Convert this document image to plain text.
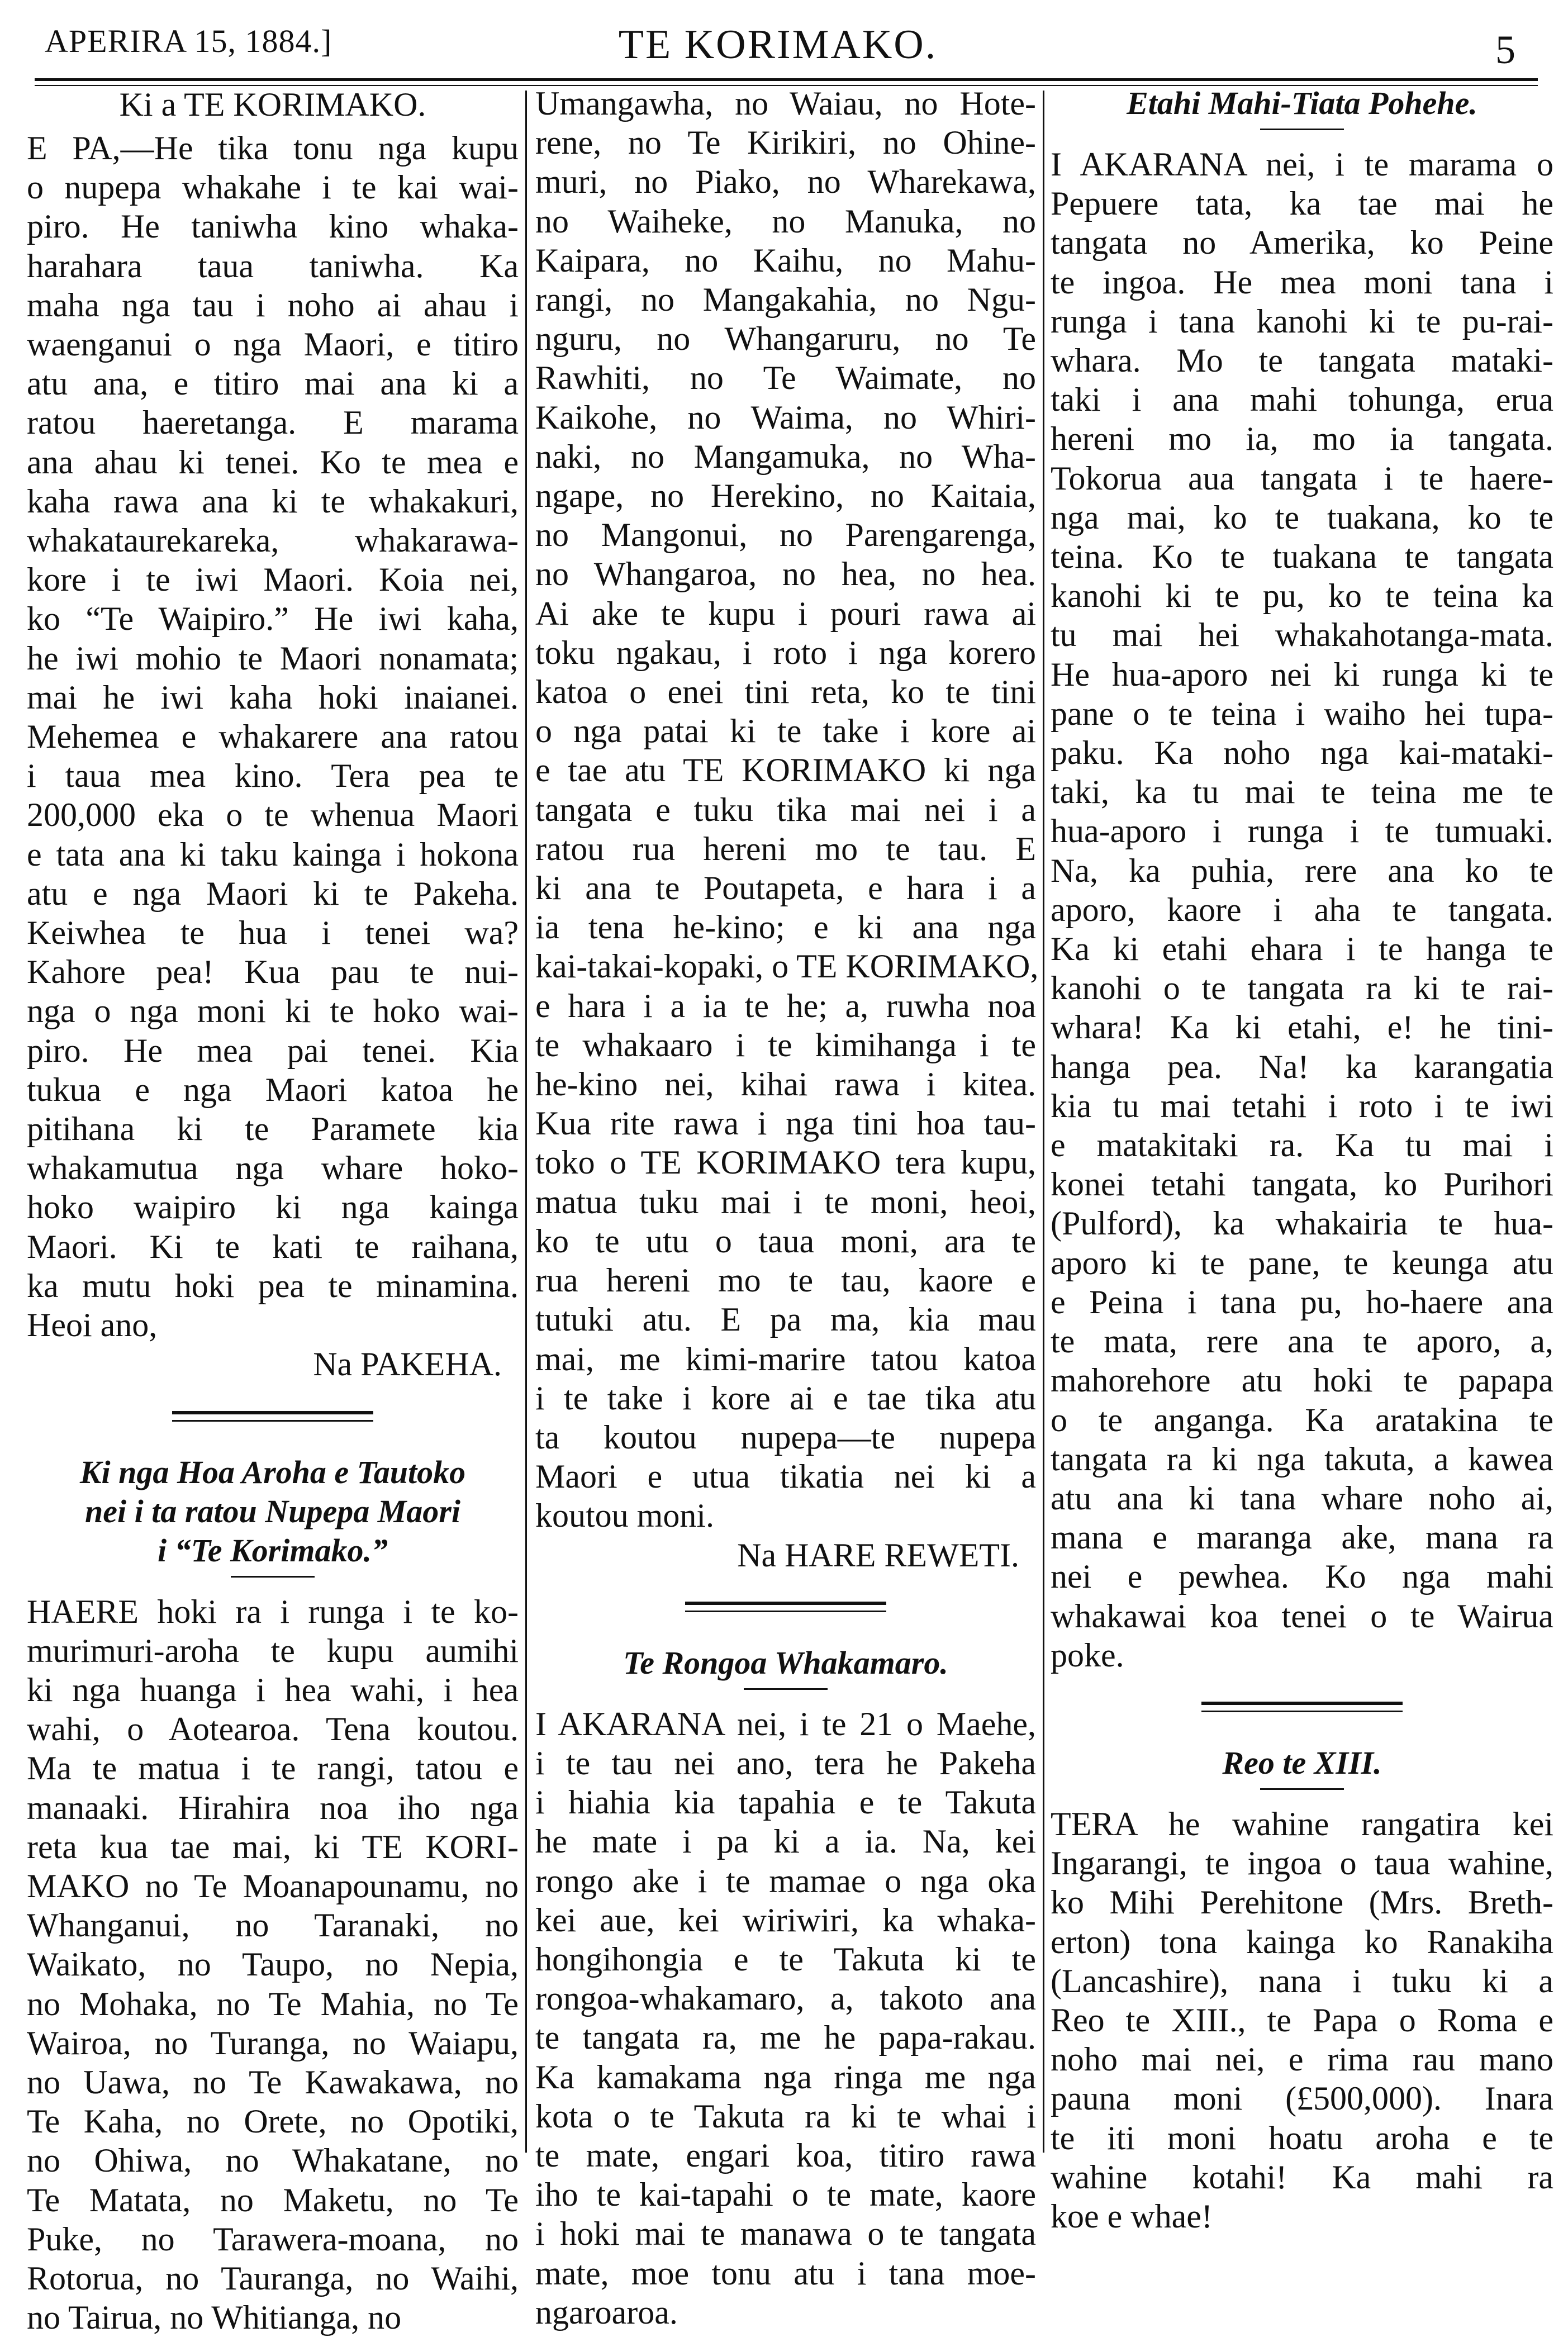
APERIRA 15, 1884.]	TE KORIMAKO.	5
Ki a TE KORIMAKO.

E PA,—He tika tonu nga kupu
o nupepa whakahe i te kai wai-
piro. He taniwha kino whaka-
harahara taua taniwha. Ka
maha nga tau i noho ai ahau i
waenganui o nga Maori, e titiro
atu ana, e titiro mai ana ki a
ratou haeretanga. E marama
ana ahau ki tenei. Ko te mea e
kaha rawa ana ki te whakakuri,
whakataurekareka, whakarawa-
kore i te iwi Maori. Koia nei,
ko “Te Waipiro.” He iwi kaha,
he iwi mohio te Maori nonamata;
mai he iwi kaha hoki inaianei.
Mehemea e whakarere ana ratou
i taua mea kino. Tera pea te
200,000 eka o te whenua Maori
e tata ana ki taku kainga i hokona
atu e nga Maori ki te Pakeha.
Keiwhea te hua i tenei wa?
Kahore pea! Kua pau te nui-
nga o nga moni ki te hoko wai-
piro. He mea pai tenei. Kia
tukua e nga Maori katoa he
pitihana ki te Paramete kia
whakamutua nga whare hoko-
hoko waipiro ki nga kainga
Maori. Ki te kati te raihana,
ka mutu hoki pea te minamina.
Heoi ano,

Na PAKEHA.
Ki nga Hoa Aroha e Tautoko
nei i ta ratou Nupepa Maori
i “Te Korimako.”

HAERE hoki ra i runga i te ko-
murimuri-aroha te kupu aumihi
ki nga huanga i hea wahi, i hea
wahi, o Aotearoa. Tena koutou.
Ma te matua i te rangi, tatou e
manaaki. Hirahira noa iho nga
reta kua tae mai, ki TE KORI-
MAKO no Te Moanapounamu, no
Whanganui, no Taranaki, no
Waikato, no Taupo, no Nepia,
no Mohaka, no Te Mahia, no Te
Wairoa, no Turanga, no Waiapu,
no Uawa, no Te Kawakawa, no
Te Kaha, no Orete, no Opotiki,
no Ohiwa, no Whakatane, no
Te Matata, no Maketu, no Te
Puke, no Tarawera-moana, no
Rotorua, no Tauranga, no Waihi,
no Tairua, no Whitianga, no

Umangawha, no Waiau, no Hote-
rene, no Te Kirikiri, no Ohine-
muri, no Piako, no Wharekawa,
no Waiheke, no Manuka, no
Kaipara, no Kaihu, no Mahu-
rangi, no Mangakahia, no Ngu-
nguru, no Whangaruru, no Te
Rawhiti, no Te Waimate, no
Kaikohe, no Waima, no Whiri-
naki, no Mangamuka, no Wha-
ngape, no Herekino, no Kaitaia,
no Mangonui, no Parengarenga,
no Whangaroa, no hea, no hea.
Ai ake te kupu i pouri rawa ai
toku ngakau, i roto i nga korero
katoa o enei tini reta, ko te tini
o nga patai ki te take i kore ai
e tae atu TE KORIMAKO ki nga
tangata e tuku tika mai nei i a
ratou rua hereni mo te tau. E
ki ana te Poutapeta, e hara i a
ia tena he-kino; e ki ana nga
kai-takai-kopaki, o TE KORIMAKO,
e hara i a ia te he; a, ruwha noa
te whakaaro i te kimihanga i te
he-kino nei, kihai rawa i kitea.
Kua rite rawa i nga tini hoa tau-
toko o TE KORIMAKO tera kupu,
matua tuku mai i te moni, heoi,
ko te utu o taua moni, ara te
rua hereni mo te tau, kaore e
tutuki atu. E pa ma, kia mau
mai, me kimi-marire tatou katoa
i te take i kore ai e tae tika atu
ta koutou nupepa—te nupepa
Maori e utua tikatia nei ki a
koutou moni.

Na HARE REWETI.
Te Rongoa Whakamaro.

I AKARANA nei, i te 21 o Maehe,
i te tau nei ano, tera he Pakeha
i hiahia kia tapahia e te Takuta
he mate i pa ki a ia. Na, kei
rongo ake i te mamae o nga oka
kei aue, kei wiriwiri, ka whaka-
hongihongia e te Takuta ki te
rongoa-whakamaro, a, takoto ana
te tangata ra, me he papa-rakau.
Ka kamakama nga ringa me nga
kota o te Takuta ra ki te whai i
te mate, engari koa, titiro rawa
iho te kai-tapahi o te mate, kaore
i hoki mai te manawa o te tangata
mate, moe tonu atu i tana moe-
ngaroaroa.

Etahi Mahi-Tiata Pohehe.

I AKARANA nei, i te marama o
Pepuere tata, ka tae mai he
tangata no Amerika, ko Peine
te ingoa. He mea moni tana i
runga i tana kanohi ki te pu-rai-
whara. Mo te tangata mataki-
taki i ana mahi tohunga, erua
hereni mo ia, mo ia tangata.
Tokorua aua tangata i te haere-
nga mai, ko te tuakana, ko te
teina. Ko te tuakana te tangata
kanohi ki te pu, ko te teina ka
tu mai hei whakahotanga-mata.
He hua-aporo nei ki runga ki te
pane o te teina i waiho hei tupa-
paku. Ka noho nga kai-mataki-
taki, ka tu mai te teina me te
hua-aporo i runga i te tumuaki.
Na, ka puhia, rere ana ko te
aporo, kaore i aha te tangata.
Ka ki etahi ehara i te hanga te
kanohi o te tangata ra ki te rai-
whara! Ka ki etahi, e! he tini-
hanga pea. Na! ka karangatia
kia tu mai tetahi i roto i te iwi
e matakitaki ra. Ka tu mai i
konei tetahi tangata, ko Purihori
(Pulford), ka whakairia te hua-
aporo ki te pane, te keunga atu
e Peina i tana pu, ho-haere ana
te mata, rere ana te aporo, a,
mahorehore atu hoki te papapa
o te anganga. Ka aratakina te
tangata ra ki nga takuta, a kawea
atu ana ki tana whare noho ai,
mana e maranga ake, mana ra
nei e pewhea. Ko nga mahi
whakawai koa tenei o te Wairua
poke.

Reo te XIII.

TERA he wahine rangatira kei
Ingarangi, te ingoa o taua wahine,
ko Mihi Perehitone (Mrs. Breth-
erton) tona kainga ko Ranakiha
(Lancashire), nana i tuku ki a
Reo te XIII., te Papa o Roma e
noho mai nei, e rima rau mano
pauna moni (£500,000). Inara
te iti moni hoatu aroha e te
wahine kotahi! Ka mahi ra
koe e whae!
